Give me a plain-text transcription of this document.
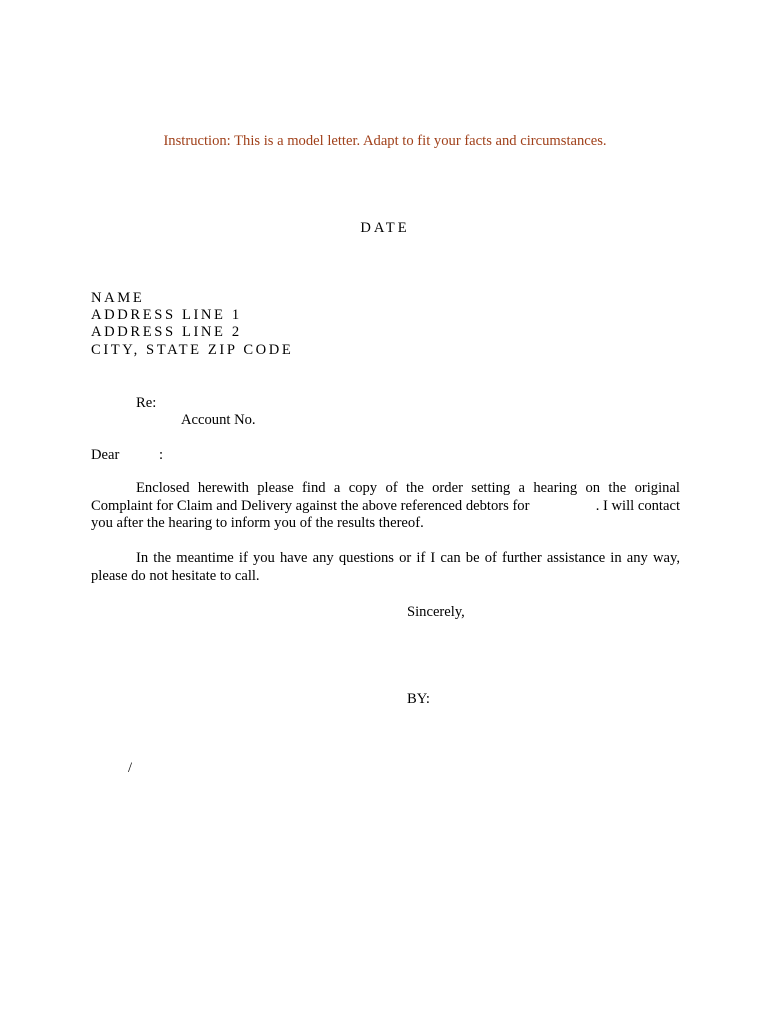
Instruction: This is a model letter. Adapt to fit your facts and circumstances.
DATE
NAME
ADDRESS LINE 1
ADDRESS LINE 2
CITY, STATE ZIP CODE
Re:
Account No.
Dear	:
Enclosed herewith please find a copy of the order setting a hearing on the original
Complaint for Claim and Delivery against the above referenced debtors for	. I will contact
you after the hearing to inform you of the results thereof.
In the meantime if you have any questions or if I can be of further assistance in any way,
please do not hesitate to call.
Sincerely,
BY:
/
